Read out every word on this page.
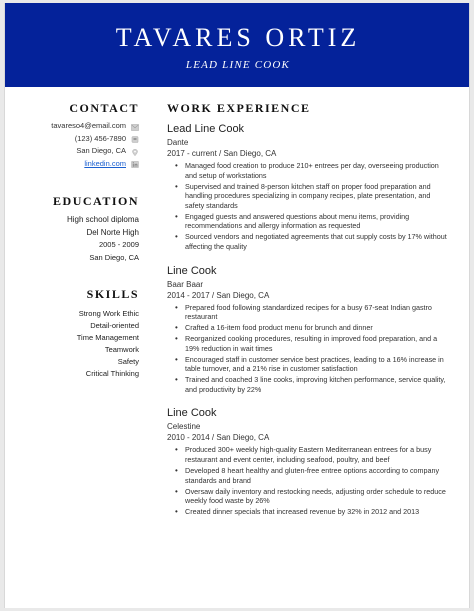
TAVARES ORTIZ
LEAD LINE COOK
CONTACT
tavareso4@email.com
(123) 456-7890
San Diego, CA
linkedin.com
EDUCATION
High school diploma
Del Norte High
2005 - 2009
San Diego, CA
SKILLS
Strong Work Ethic
Detail-oriented
Time Management
Teamwork
Safety
Critical Thinking
WORK EXPERIENCE
Lead Line Cook
Dante
2017 - current / San Diego, CA
• Managed food creation to produce 210+ entrees per day, overseeing production and setup of workstations
• Supervised and trained 8-person kitchen staff on proper food preparation and handling procedures specializing in company recipes, plate presentation, and safety standards
• Engaged guests and answered questions about menu items, providing recommendations and allergy information as requested
• Sourced vendors and negotiated agreements that cut supply costs by 17% without affecting the quality
Line Cook
Baar Baar
2014 - 2017 / San Diego, CA
• Prepared food following standardized recipes for a busy 67-seat Indian gastro restaurant
• Crafted a 16-item food product menu for brunch and dinner
• Reorganized cooking procedures, resulting in improved food preparation, and a 19% reduction in wait times
• Encouraged staff in customer service best practices, leading to a 16% increase in table turnover, and a 21% rise in customer satisfaction
• Trained and coached 3 line cooks, improving kitchen performance, service quality, and productivity by 22%
Line Cook
Celestine
2010 - 2014 / San Diego, CA
• Produced 300+ weekly high-quality Eastern Mediterranean entrees for a busy restaurant and event center, including seafood, poultry, and beef
• Developed 8 heart healthy and gluten-free entree options according to company standards and brand
• Oversaw daily inventory and restocking needs, adjusting order schedule to reduce weekly food waste by 26%
• Created dinner specials that increased revenue by 32% in 2012 and 2013
